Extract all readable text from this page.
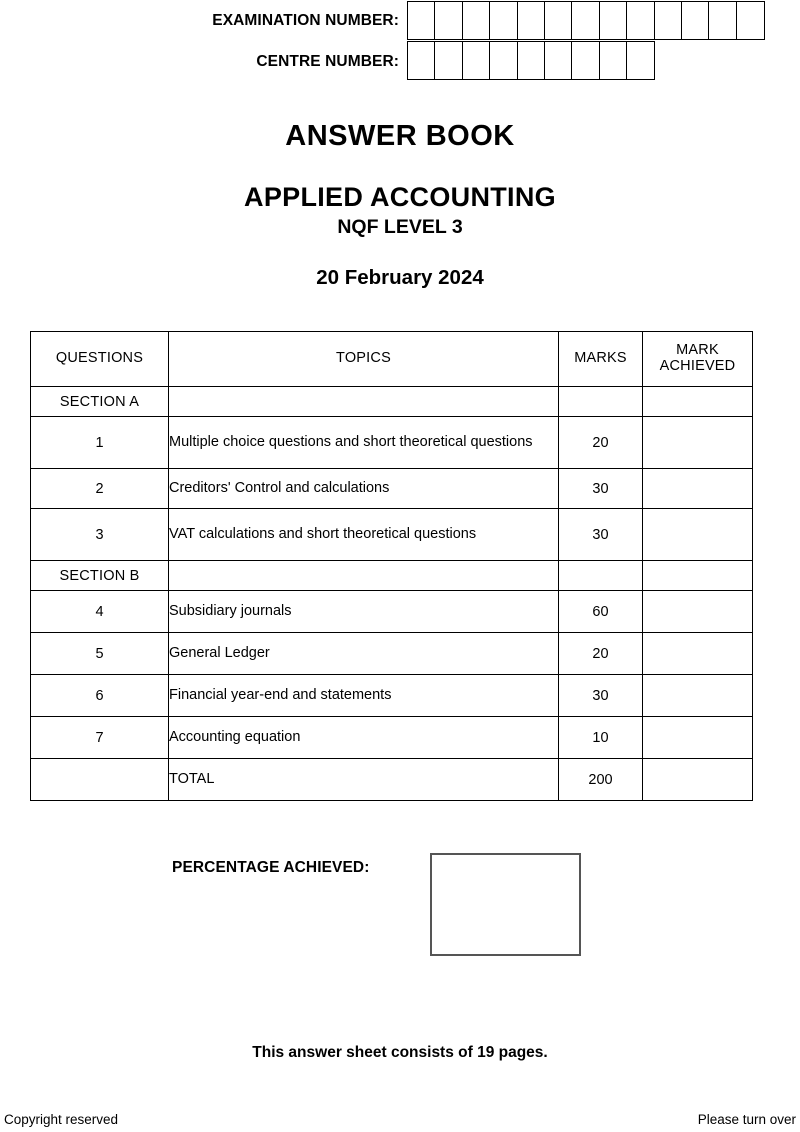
EXAMINATION NUMBER:
CENTRE NUMBER:
ANSWER BOOK
APPLIED ACCOUNTING
NQF LEVEL 3
20 February 2024
QUESTIONS	TOPICS	MARKS	MARK
ACHIEVED

SECTION A			
1	Multiple choice questions and short theoretical questions	20	
2	Creditors' Control and calculations	30	
3	VAT calculations and short theoretical questions	30	
SECTION B			
4	Subsidiary journals	60	
5	General Ledger	20	
6	Financial year-end and statements	30	
7	Accounting equation	10	
	TOTAL	200	
PERCENTAGE ACHIEVED:
This answer sheet consists of 19 pages.
Copyright reserved	Please turn over
